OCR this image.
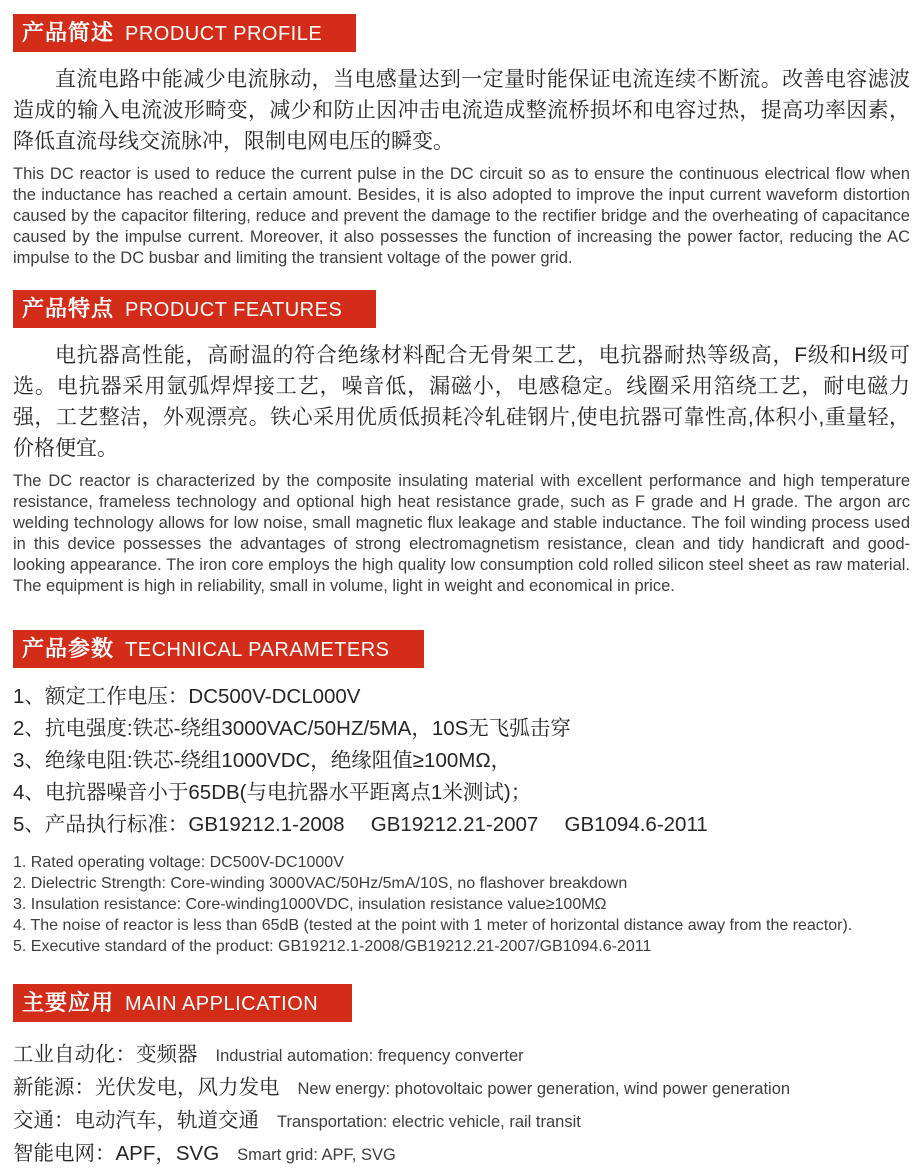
产品简述 PRODUCT PROFILE

直流电路中能减少电流脉动，当电感量达到一定量时能保证电流连续不断流。改善电容滤波造成的输入电流波形畸变，减少和防止因冲击电流造成整流桥损坏和电容过热，提高功率因素，降低直流母线交流脉冲，限制电网电压的瞬变。

This DC reactor is used to reduce the current pulse in the DC circuit so as to ensure the continuous electrical flow when the inductance has reached a certain amount. Besides, it is also adopted to improve the input current waveform distortion caused by the capacitor filtering, reduce and prevent the damage to the rectifier bridge and the overheating of capacitance caused by the impulse current. Moreover, it also possesses the function of increasing the power factor, reducing the AC impulse to the DC busbar and limiting the transient voltage of the power grid.

产品特点 PRODUCT FEATURES

电抗器高性能，高耐温的符合绝缘材料配合无骨架工艺，电抗器耐热等级高，F级和H级可选。电抗器采用氩弧焊焊接工艺，噪音低，漏磁小，电感稳定。线圈采用箔绕工艺，耐电磁力强，工艺整洁，外观漂亮。铁心采用优质低损耗冷轧硅钢片,使电抗器可靠性高,体积小,重量轻，价格便宜。

The DC reactor is characterized by the composite insulating material with excellent performance and high temperature resistance, frameless technology and optional high heat resistance grade, such as F grade and H grade. The argon arc welding technology allows for low noise, small magnetic flux leakage and stable inductance. The foil winding process used in this device possesses the advantages of strong electromagnetism resistance, clean and tidy handicraft and good-looking appearance. The iron core employs the high quality low consumption cold rolled silicon steel sheet as raw material. The equipment is high in reliability, small in volume, light in weight and economical in price.

产品参数 TECHNICAL PARAMETERS
1、额定工作电压：DC500V-DCL000V
2、抗电强度:铁芯-绕组3000VAC/50HZ/5MA，10S无飞弧击穿
3、绝缘电阻:铁芯-绕组1000VDC，绝缘阻值≥100MΩ，
4、电抗器噪音小于65DB(与电抗器水平距离点1米测试)；
5、产品执行标准：GB19212.1-2008　 GB19212.21-2007　 GB1094.6-2011
1. Rated operating voltage: DC500V-DC1000V
2. Dielectric Strength: Core-winding 3000VAC/50Hz/5mA/10S, no flashover breakdown
3. Insulation resistance: Core-winding1000VDC, insulation resistance value≥100MΩ
4. The noise of reactor is less than 65dB (tested at the point with 1 meter of horizontal distance away from the reactor).
5. Executive standard of the product: GB19212.1-2008/GB19212.21-2007/GB1094.6-2011
主要应用 MAIN APPLICATION
工业自动化：变频器 Industrial automation: frequency converter
新能源：光伏发电，风力发电 New energy: photovoltaic power generation, wind power generation
交通：电动汽车，轨道交通 Transportation: electric vehicle, rail transit
智能电网：APF，SVG Smart grid: APF, SVG
